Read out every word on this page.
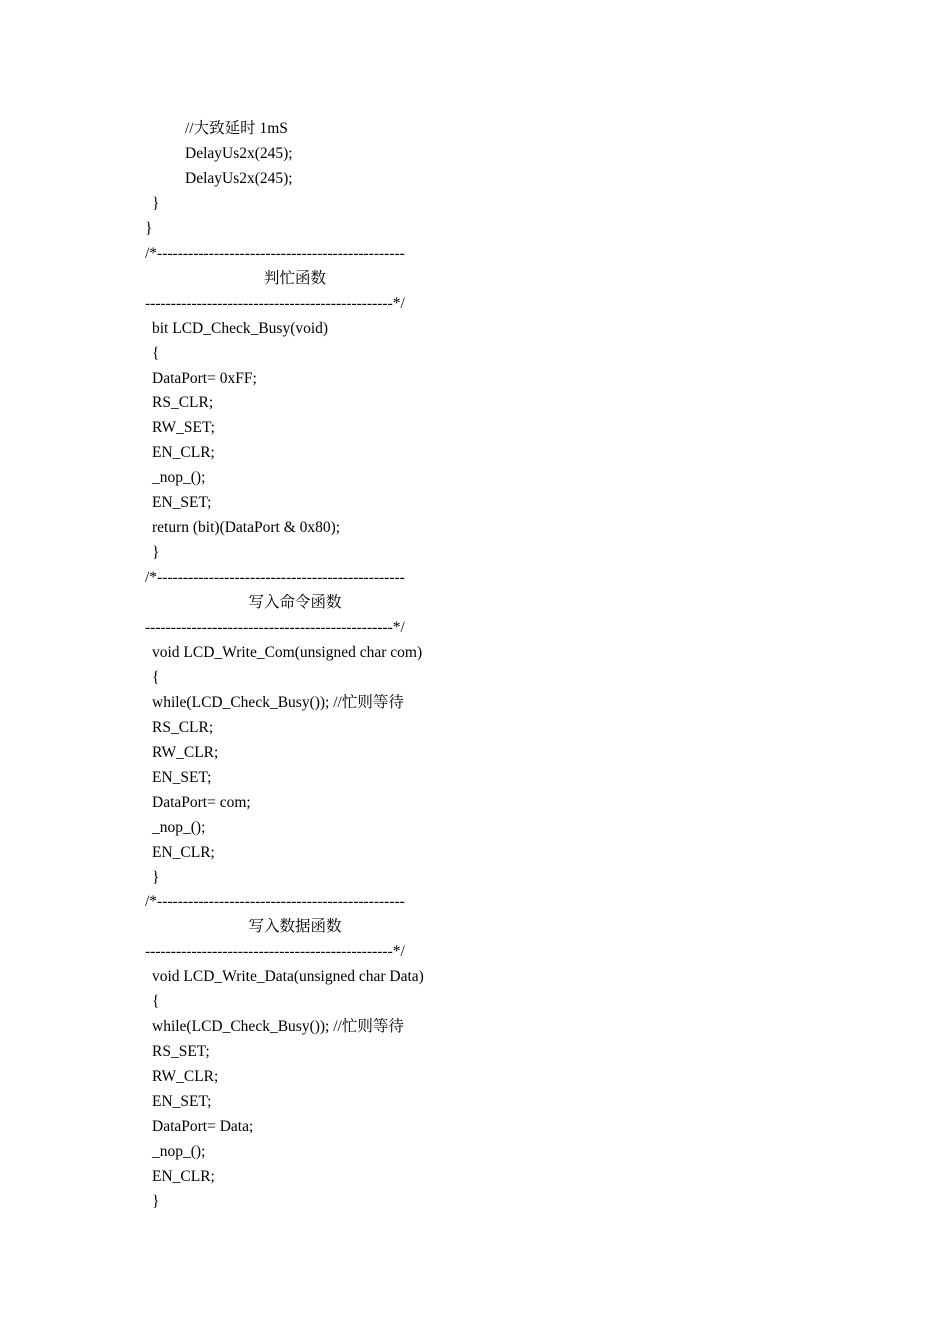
//大致延时 1mS
DelayUs2x(245);
DelayUs2x(245);
}
}
/*------------------------------------------------
判忙函数
------------------------------------------------*/
bit LCD_Check_Busy(void)
{
DataPort= 0xFF;
RS_CLR;
RW_SET;
EN_CLR;
_nop_();
EN_SET;
return (bit)(DataPort & 0x80);
}
/*------------------------------------------------
写入命令函数
------------------------------------------------*/
void LCD_Write_Com(unsigned char com)
{
while(LCD_Check_Busy()); //忙则等待
RS_CLR;
RW_CLR;
EN_SET;
DataPort= com;
_nop_();
EN_CLR;
}
/*------------------------------------------------
写入数据函数
------------------------------------------------*/
void LCD_Write_Data(unsigned char Data)
{
while(LCD_Check_Busy()); //忙则等待
RS_SET;
RW_CLR;
EN_SET;
DataPort= Data;
_nop_();
EN_CLR;
}
